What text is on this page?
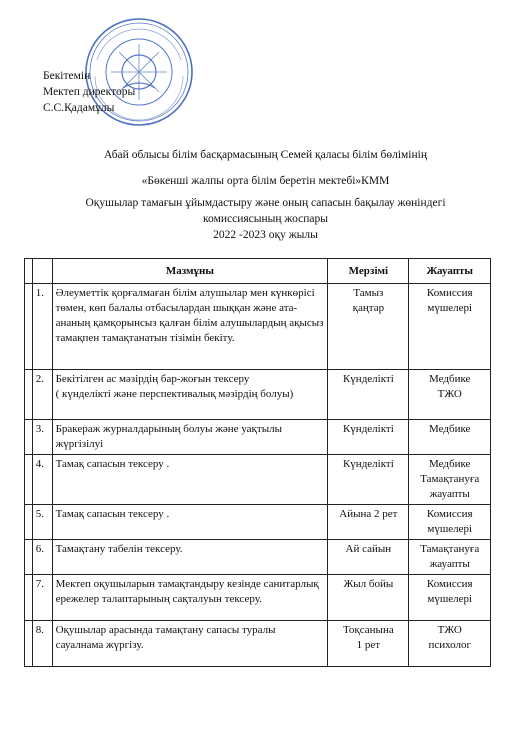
Бекітемін
Мектеп директоры
С.С.Қадамұлы
Абай облысы білім басқармасының Семей қаласы білім бөлімінің
«Бөкенші жалпы орта білім беретін мектебі»КММ
Оқушылар тамағын ұйымдастыру және оның сапасын бақылау жөніндегі
комиссиясының жоспары
2022 -2023 оқу жылы
		Мазмұны	Мерзімі	Жауапты
	1.	Әлеуметтік қорғалмаған білім алушылар мен күнкөрісі төмен, көп балалы отбасылардан шыққан және ата-ананың қамқорынсыз қалған білім алушылардың ақысыз тамақпен тамақтанатын тізімін бекіту.	Тамыз
қаңтар	Комиссия
мүшелері
	2.	Бекітілген ас мәзірдің бар-жоғын тексеру
( күнделікті және перспективалық мәзірдің болуы)	Күнделікті	Медбике
ТЖО
	3.	Бракераж журналдарының болуы және уақтылы жүргізілуі	Күнделікті	Медбике
	4.	Тамақ сапасын тексеру .	Күнделікті	Медбике
Тамақтануға
жауапты
	5.	Тамақ сапасын тексеру .	Айына 2 рет	Комиссия
мүшелері
	6.	Тамақтану табелін тексеру.	Ай сайын	Тамақтануға
жауапты
	7.	Мектеп оқушыларын тамақтандыру кезінде санитарлық ережелер талаптарының сақталуын тексеру.	Жыл бойы	Комиссия
мүшелері
	8.	Оқушылар арасында тамақтану сапасы туралы сауалнама жүргізу.	Тоқсанына
1 рет	ТЖО
психолог
